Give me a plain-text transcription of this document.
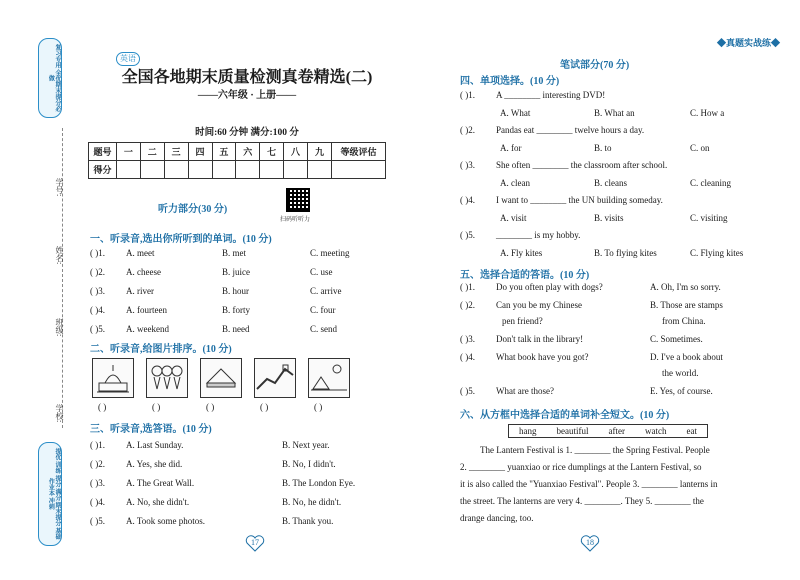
复习专用 全优期末提分必做
提优 训练 提分 满分 期末提分 基础作业本 冲刺
学号:
姓名:
班级:
学校:
英语
全国各地期末质量检测真卷精选(二)
——六年级 · 上册——
时间:60 分钟 满分:100 分
题号	一	二	三	四	五	六	七	八	九	等级评估
得分										
听力部分(30 分)
扫码听听力
一、听录音,选出你所听到的单词。(10 分)
( )1. A. meet	B. met	C. meeting
( )2. A. cheese	B. juice	C. use
( )3. A. river	B. hour	C. arrive
( )4. A. fourteen	B. forty	C. four
( )5. A. weekend	B. need	C. send
二、听录音,给图片排序。(10 分)
( )	( )	( )	( )	( )
三、听录音,选答语。(10 分)
( )1. A. Last Sunday.	B. Next year.
( )2. A. Yes, she did.	B. No, I didn't.
( )3. A. The Great Wall.	B. The London Eye.
( )4. A. No, she didn't.	B. No, he didn't.
( )5. A. Took some photos.	B. Thank you.
17
◆真题实战练◆
笔试部分(70 分)
四、单项选择。(10 分)
( )1. A ________ interesting DVD!
A. What	B. What an	C. How a
( )2. Pandas eat ________ twelve hours a day.
A. for	B. to	C. on
( )3. She often ________ the classroom after school.
A. clean	B. cleans	C. cleaning
( )4. I want to ________ the UN building someday.
A. visit	B. visits	C. visiting
( )5. ________ is my hobby.
A. Fly kites	B. To flying kites	C. Flying kites
五、选择合适的答语。(10 分)
( )1. Do you often play with dogs?	A. Oh, I'm so sorry.
( )2. Can you be my Chinese
pen friend?
B. Those are stamps
from China.
( )3. Don't talk in the library!	C. Sometimes.
( )4. What book have you got?	D. I've a book about
the world.
( )5. What are those?	E. Yes, of course.
六、从方框中选择合适的单词补全短文。(10 分)
hang beautiful after watch eat
The Lantern Festival is 1. ________ the Spring Festival. People
2. ________ yuanxiao or rice dumplings at the Lantern Festival, so
it is also called the "Yuanxiao Festival". People 3. ________ lanterns in
the street. The lanterns are very 4. ________. They 5. ________ the
drange dancing, too.
18
